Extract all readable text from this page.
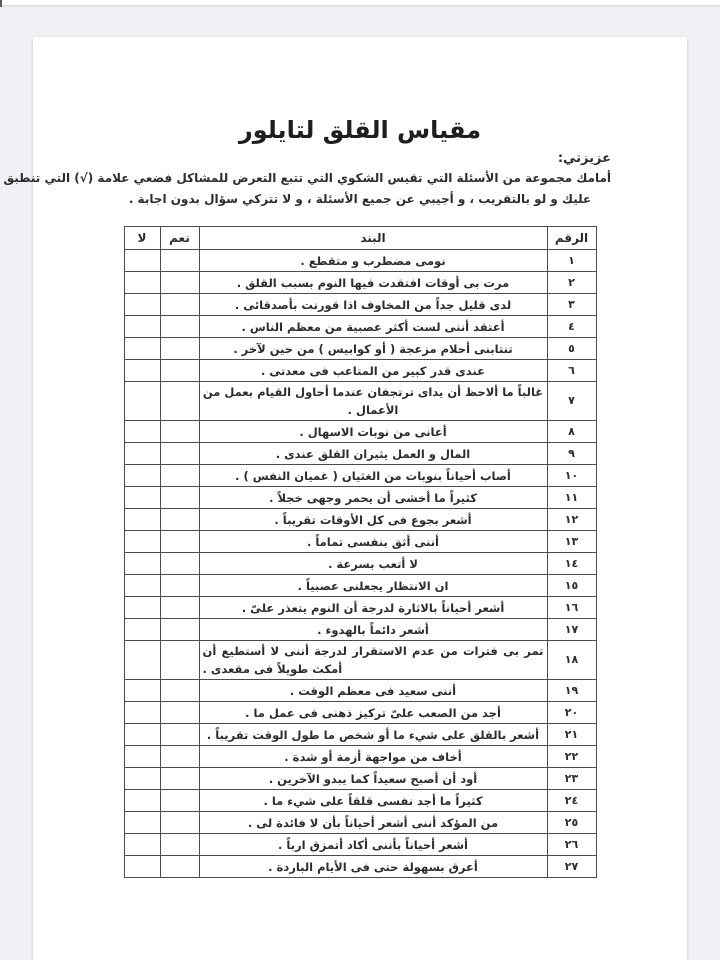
مقياس القلق لتايلور
عزيزتي:
أمامك مجموعة من الأسئلة التي تقيس الشكوي التي تتبع التعرض للمشاكل فضعي علامة (√) التي تنطبق
عليك و لو بالتقريب ، و أجيبي عن جميع الأسئلة ، و لا تتركي سؤال بدون اجابة .
الرقم	البند	نعم	لا
١	نومى مضطرب و متقطع .		
٢	مرت بى أوقات افتقدت فيها النوم بسبب القلق .		
٣	لدى قليل جداً من المخاوف اذا قورنت بأصدقائى .		
٤	أعتقد أننى لست أكثر عصبية من معظم الناس .		
٥	تنتابنى أحلام مزعجة ( أو كوابيس ) من حين لآخر .		
٦	عندى قدر كبير من المتاعب فى معدتى .		
٧	غالباً ما ألاحظ أن يداى ترتجفان عندما أحاول القيام بعمل من الأعمال .		
٨	أعانى من نوبات الاسهال .		
٩	المال و العمل يثيران القلق عندى .		
١٠	أصاب أحياناً بنوبات من الغثيان ( غميان النفس ) .		
١١	كثيراً ما أخشى أن يحمر وجهى خجلاً .		
١٢	أشعر بجوع فى كل الأوقات تقريباً .		
١٣	أننى أثق بنفسى تماماً .		
١٤	لا أتعب بسرعة .		
١٥	ان الانتظار يجعلنى عصبياً .		
١٦	أشعر أحياناً بالاثارة لدرجة أن النوم يتعذر علىّ .		
١٧	أشعر دائماً بالهدوء .		
١٨	تمر بى فترات من عدم الاستقرار لدرجة أننى لا أستطيع أن أمكث طويلاً فى مقعدى .		
١٩	أننى سعيد فى معظم الوقت .		
٢٠	أجد من الصعب علىّ تركيز ذهنى فى عمل ما .		
٢١	أشعر بالقلق على شيء ما أو شخص ما طول الوقت تقريباً .		
٢٢	أخاف من مواجهة أزمة أو شدة .		
٢٣	أود أن أصبح سعيداً كما يبدو الآخرين .		
٢٤	كثيراً ما أجد نفسى قلقاً على شيء ما .		
٢٥	من المؤكد أننى أشعر أحياناً بأن لا فائدة لى .		
٢٦	أشعر أحياناً بأننى أكاد أتمزق ارباً .		
٢٧	أعرق بسهولة حتى فى الأيام الباردة .		
